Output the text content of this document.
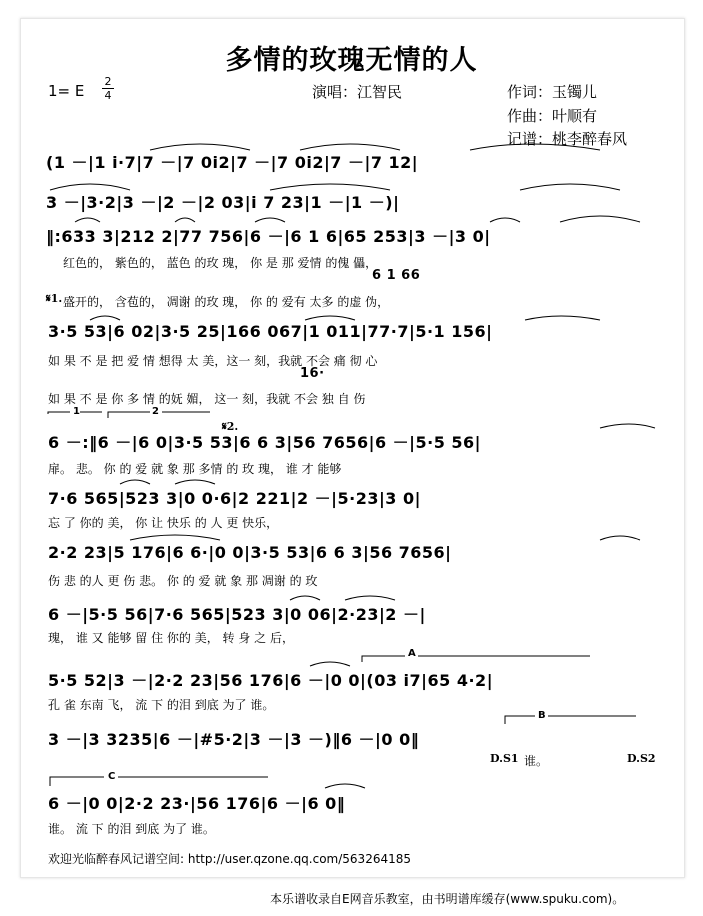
多情的玫瑰无情的人
1= E
2
4	演唱：江智民	作词：玉镯儿
作曲：叶顺有
记谱：桃李醉春风
(1 －|1 i·7|7 －|7 0i2|7 －|7 0i2|7 －|7 12|
3 －|3·2|3 －|2 －|2 03|i 7 23|1 －|1 －)|
‖:633 3|212 2|77 756|6 －|6 1 6|65 253|3 －|3 0|
红色的， 紫色的， 蓝色 的玫 瑰， 你 是 那 爱情 的傀 儡，
6 1 66
𝄋1. 盛开的， 含苞的， 凋谢 的玫 瑰， 你 的 爱有 太多 的虚 伪，
3·5 53|6 02|3·5 25|166 067|1 011|77·7|5·1 156|
如 果 不 是 把 爱 情 想得 太 美，这一 刻，我就 不会 痛 彻 心
16·
如 果 不 是 你 多 情 的妩 媚， 这一 刻，我就 不会 独 自 伤
1	2
𝄋2.
6 －:‖6 －|6 0|3·5 53|6 6 3|56 7656|6 －|5·5 56|
扉。 悲。 你 的 爱 就 象 那 多情 的 玫 瑰， 谁 才 能够
7·6 565|523 3|0 0·6|2 221|2 －|5·23|3 0|
忘 了 你的 美， 你 让 快乐 的 人 更 快乐，
2·2 23|5 176|6 6·|0 0|3·5 53|6 6 3|56 7656|
伤 悲 的人 更 伤 悲。 你 的 爱 就 象 那 凋谢 的 玫
6 －|5·5 56|7·6 565|523 3|0 06|2·23|2 －|
瑰， 谁 又 能够 留 住 你的 美， 转 身 之 后，
A
5·5 52|3 －|2·2 23|56 176|6 －|0 0|(03 i7|65 4·2|
孔 雀 东南 飞， 流 下 的泪 到底 为了 谁。
B
3 －|3 3235|6 －|#5·2|3 －|3 －)‖6 －|0 0‖
D.S1 谁。	D.S2
C
6 －|0 0|2·2 23·|56 176|6 －|6 0‖
谁。 流 下 的泪 到底 为了 谁。
欢迎光临醉春风记谱空间: http://user.qzone.qq.com/563264185
本乐谱收录自E网音乐教室，由书明谱库缓存(www.spuku.com)。
